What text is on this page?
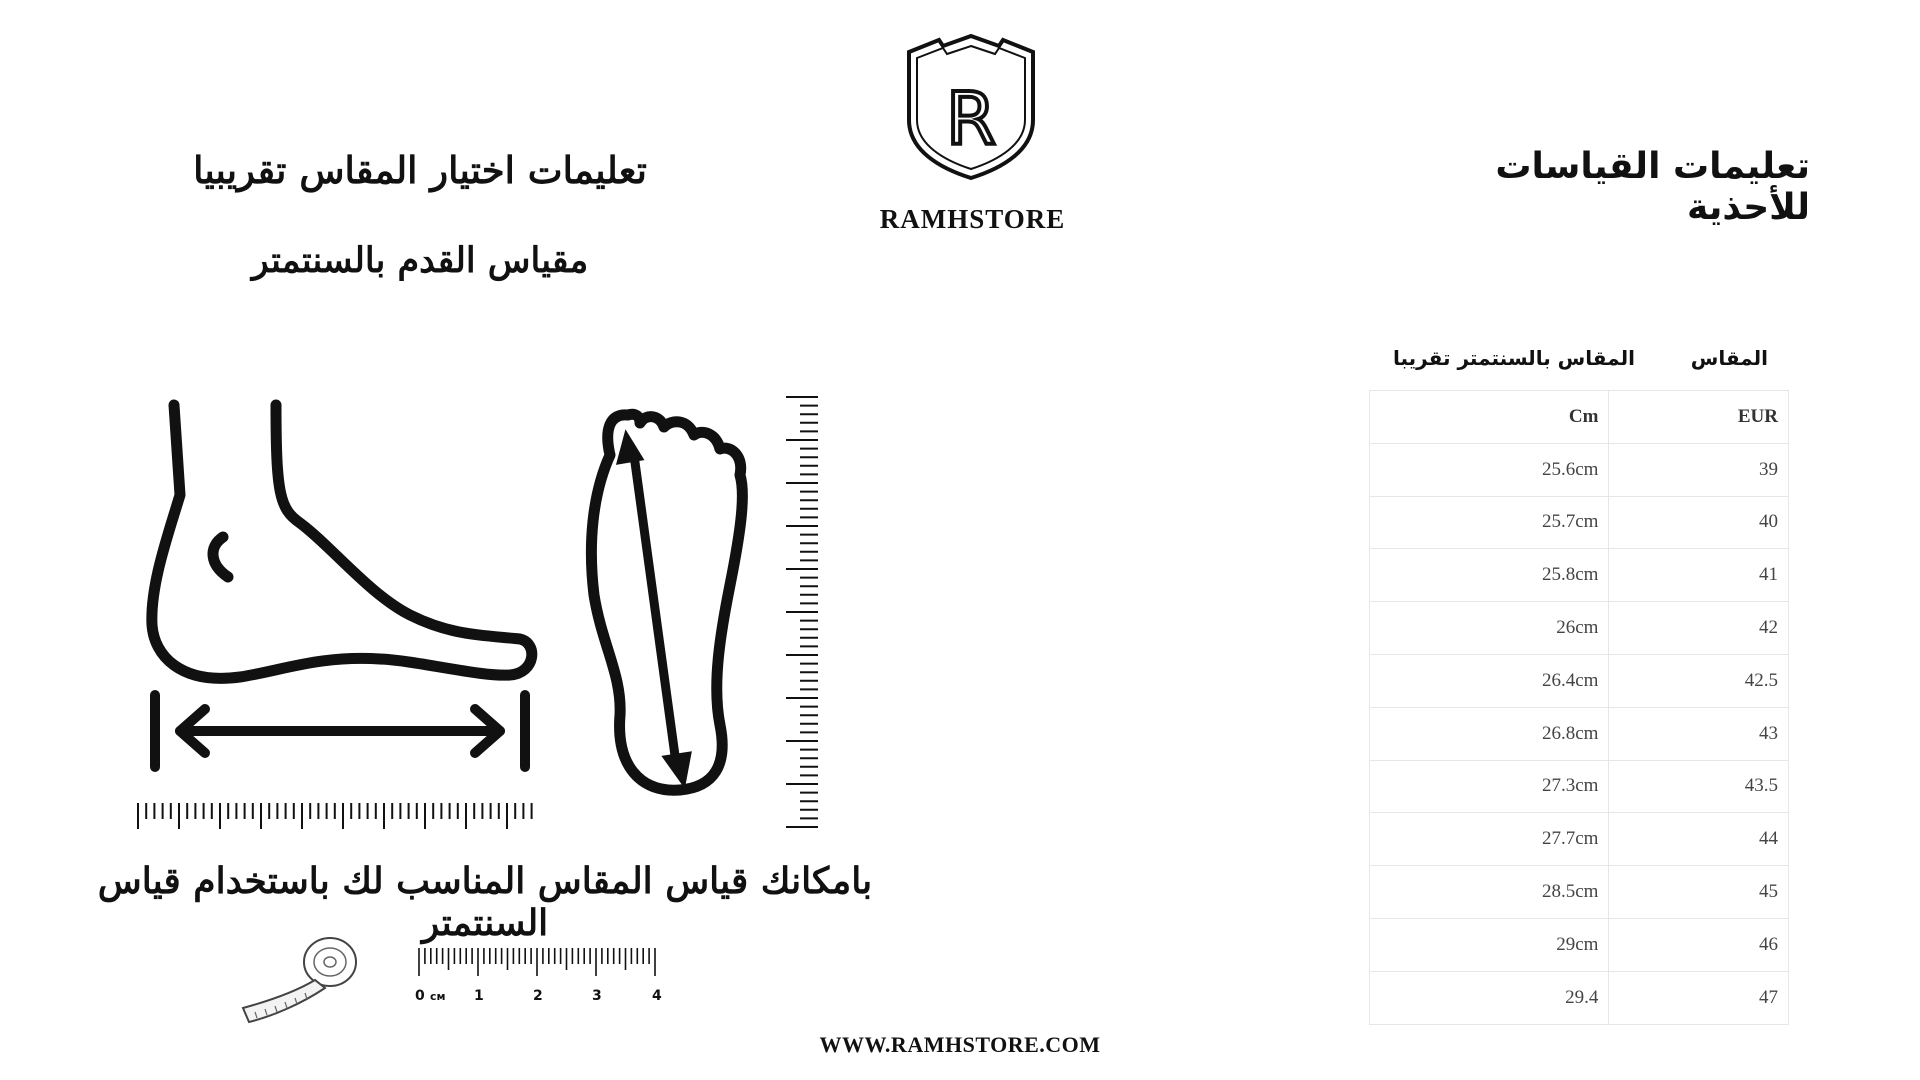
R
RAMHSTORE
تعليمات اختيار المقاس تقريبيا
مقياس القدم بالسنتمتر
تعليمات القياسات للأحذية
المقاس
المقاس بالسنتمتر تقريبا
Cm	EUR
25.6cm	39
25.7cm	40
25.8cm	41
26cm	42
26.4cm	42.5
26.8cm	43
27.3cm	43.5
27.7cm	44
28.5cm	45
29cm	46
29.4	47
بامكانك قياس المقاس المناسب لك باستخدام قياس السنتمتر
0 cм 1	2	3	4
WWW.RAMHSTORE.COM
